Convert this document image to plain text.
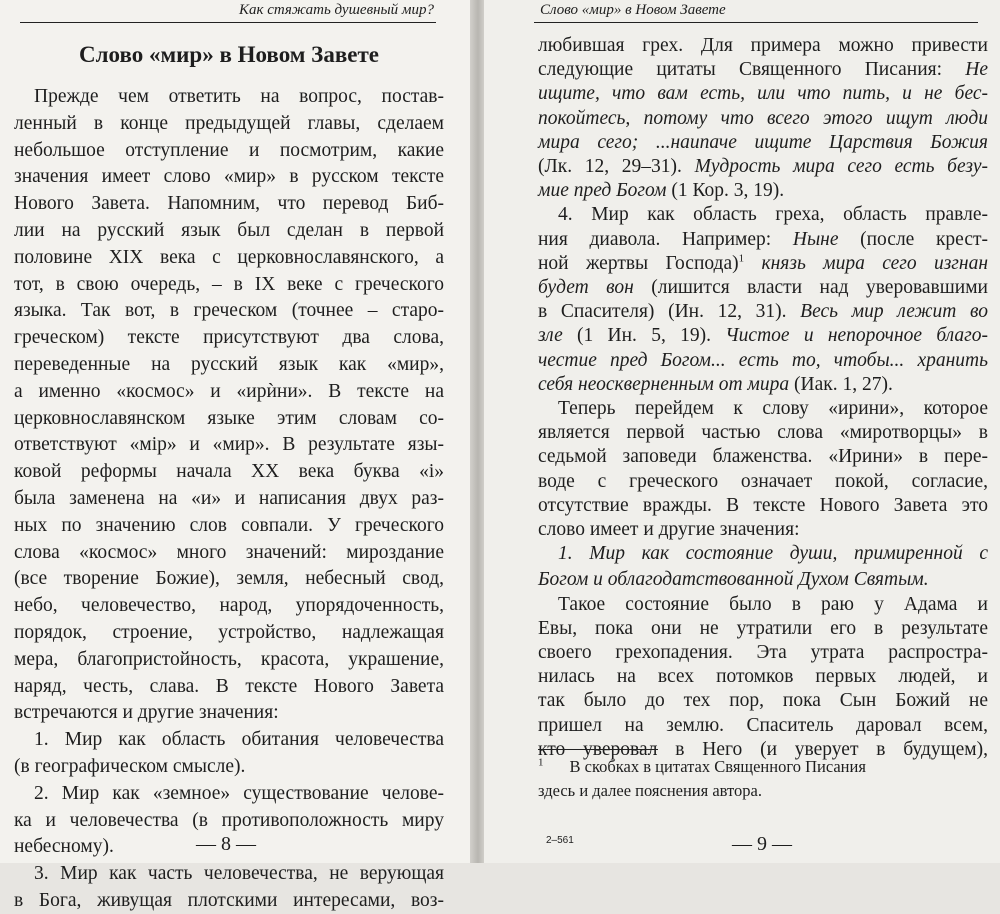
Как стяжать душевный мир?
Слово «мир» в Новом Завете
Прежде чем ответить на вопрос, постав-
ленный в конце предыдущей главы, сделаем
небольшое отступление и посмотрим, какие
значения имеет слово «мир» в русском тексте
Нового Завета. Напомним, что перевод Биб-
лии на русский язык был сделан в первой
половине XIX века с церковнославянского, а
тот, в свою очередь, – в IX веке с греческого
языка. Так вот, в греческом (точнее – старо-
греческом) тексте присутствуют два слова,
переведенные на русский язык как «мир»,
а именно «космос» и «ирѝни». В тексте на
церковнославянском языке этим словам со-
ответствуют «мір» и «мир». В результате язы-
ковой реформы начала XX века буква «і»
была заменена на «и» и написания двух раз-
ных по значению слов совпали. У греческого
слова «космос» много значений: мироздание
(все творение Божие), земля, небесный свод,
небо, человечество, народ, упорядоченность,
порядок, строение, устройство, надлежащая
мера, благопристойность, красота, украшение,
наряд, честь, слава. В тексте Нового Завета
встречаются и другие значения:
1. Мир как область обитания человечества
(в географическом смысле).
2. Мир как «земное» существование челове-
ка и человечества (в противоположность миру
небесному).
3. Мир как часть человечества, не верующая
в Бога, живущая плотскими интересами, воз-
— 8 —
Слово «мир» в Новом Завете
любившая грех. Для примера можно привести
следующие цитаты Священного Писания: Не
ищите, что вам есть, или что пить, и не бес-
покойтесь, потому что всего этого ищут люди
мира сего; ...наипаче ищите Царствия Божия
(Лк. 12, 29–31). Мудрость мира сего есть безу-
мие пред Богом (1 Кор. 3, 19).
4. Мир как область греха, область правле-
ния диавола. Например: Ныне (после крест-
ной жертвы Господа)$^1$ князь мира сего изгнан
будет вон (лишится власти над уверовавшими
в Спасителя) (Ин. 12, 31). Весь мир лежит во
зле (1 Ин. 5, 19). Чистое и непорочное благо-
честие пред Богом... есть то, чтобы... хранить
себя неоскверненным от мира (Иак. 1, 27).
Теперь перейдем к слову «ирини», которое
является первой частью слова «миротворцы» в
седьмой заповеди блаженства. «Ирини» в пере-
воде с греческого означает покой, согласие,
отсутствие вражды. В тексте Нового Завета это
слово имеет и другие значения:
1. Мир как состояние души, примиренной с
Богом и облагодатствованной Духом Святым.
Такое состояние было в раю у Адама и
Евы, пока они не утратили его в результате
своего грехопадения. Эта утрата распростра-
нилась на всех потомков первых людей, и
так было до тех пор, пока Сын Божий не
пришел на землю. Спаситель даровал всем,
кто уверовал в Него (и уверует в будущем),
$^1$ В скобках в цитатах Священного Писания
здесь и далее пояснения автора.
2–561	— 9 —
